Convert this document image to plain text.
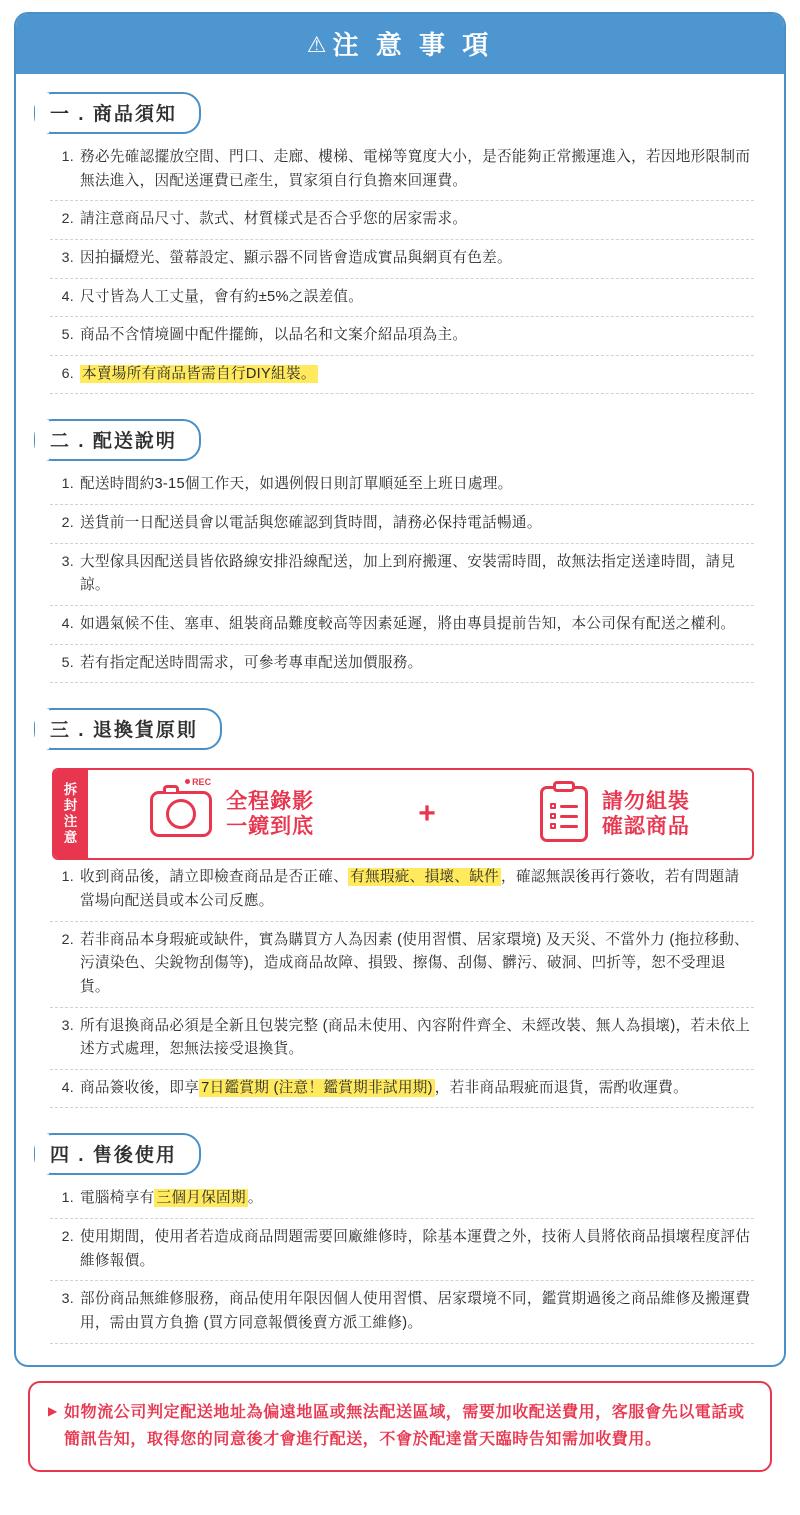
⚠ 注 意 事 項
一 . 商品須知
1. 務必先確認擺放空間、門口、走廊、樓梯、電梯等寬度大小，是否能夠正常搬運進入，若因地形限制而無法進入，因配送運費已產生，買家須自行負擔來回運費。
2. 請注意商品尺寸、款式、材質樣式是否合乎您的居家需求。
3. 因拍攝燈光、螢幕設定、顯示器不同皆會造成實品與網頁有色差。
4. 尺寸皆為人工丈量，會有約±5%之誤差值。
5. 商品不含情境圖中配件擺飾，以品名和文案介紹品項為主。
6. 本賣場所有商品皆需自行DIY組裝。
二 . 配送說明
1. 配送時間約3-15個工作天，如遇例假日則訂單順延至上班日處理。
2. 送貨前一日配送員會以電話與您確認到貨時間，請務必保持電話暢通。
3. 大型傢具因配送員皆依路線安排沿線配送，加上到府搬運、安裝需時間，故無法指定送達時間，請見諒。
4. 如遇氣候不佳、塞車、組裝商品難度較高等因素延遲，將由專員提前告知，本公司保有配送之權利。
5. 若有指定配送時間需求，可參考專車配送加價服務。
三 . 退換貨原則
拆
封
注
意
REC
全程錄影
一鏡到底	+	請勿組裝
確認商品
1. 收到商品後，請立即檢查商品是否正確、 有無瑕疵、損壞、缺件 ，確認無誤後再行簽收，若有問題請當場向配送員或本公司反應。
2. 若非商品本身瑕疵或缺件，實為購買方人為因素 (使用習慣、居家環境) 及天災、不當外力 (拖拉移動、污漬染色、尖銳物刮傷等)，造成商品故障、損毀、擦傷、刮傷、髒污、破洞、凹折等，恕不受理退貨。
3. 所有退換商品必須是全新且包裝完整 (商品未使用、內容附件齊全、未經改裝、無人為損壞)，若未依上述方式處理，恕無法接受退換貨。
4. 商品簽收後，即享 7日鑑賞期 (注意！鑑賞期非試用期) ，若非商品瑕疵而退貨，需酌收運費。
四 . 售後使用
1. 電腦椅享有 三個月保固期 。
2. 使用期間，使用者若造成商品問題需要回廠維修時，除基本運費之外，技術人員將依商品損壞程度評估維修報價。
3. 部份商品無維修服務，商品使用年限因個人使用習慣、居家環境不同，鑑賞期過後之商品維修及搬運費用，需由買方負擔 (買方同意報價後賣方派工維修)。
▶ 如物流公司判定配送地址為偏遠地區或無法配送區域，需要加收配送費用，客服會先以電話或簡訊告知，取得您的同意後才會進行配送，不會於配達當天臨時告知需加收費用。
